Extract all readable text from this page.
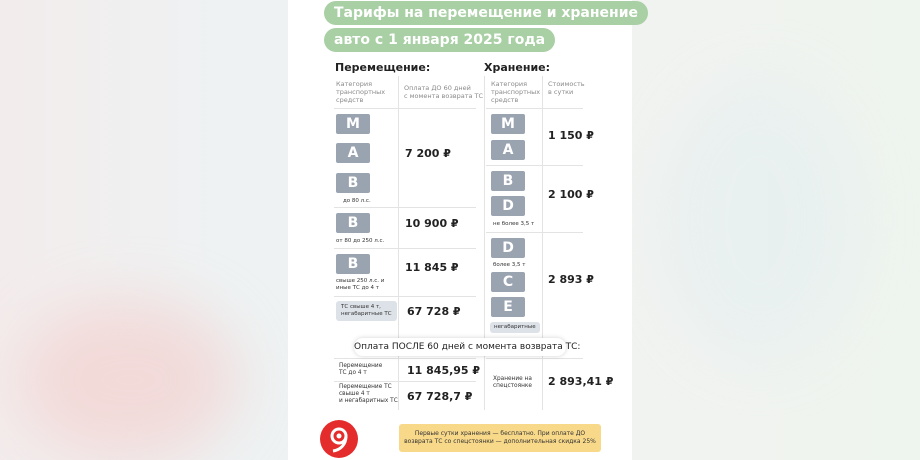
Тарифы на перемещение и хранение
авто с 1 января 2025 года
Перемещение:	Хранение:
Категория
транспортных
средств
Оплата ДО 60 дней
с момента возврата ТС
Категория
транспортных
средств
Стоимость
в сутки
M
A
B
до 80 л.с.
7 200 ₽
B
от 80 до 250 л.с.
10 900 ₽
B
свыше 250 л.с. и
иные ТС до 4 т
11 845 ₽
ТС свыше 4 т,
негабаритные ТС 67 728 ₽
M
A
1 150 ₽
B
D
не более 3,5 т
2 100 ₽
D
более 3,5 т
C
E
негабаритные
2 893 ₽
Оплата ПОСЛЕ 60 дней с момента возврата ТС:
Перемещение
ТС до 4 т	11 845,95 ₽
Перемещение ТС
свыше 4 т
и негабаритных ТС 67 728,7 ₽
Хранение на
спецстоянке 2 893,41 ₽
Первые сутки хранения — бесплатно. При оплате ДО
возврата ТС со спецстоянки — дополнительная скидка 25%
